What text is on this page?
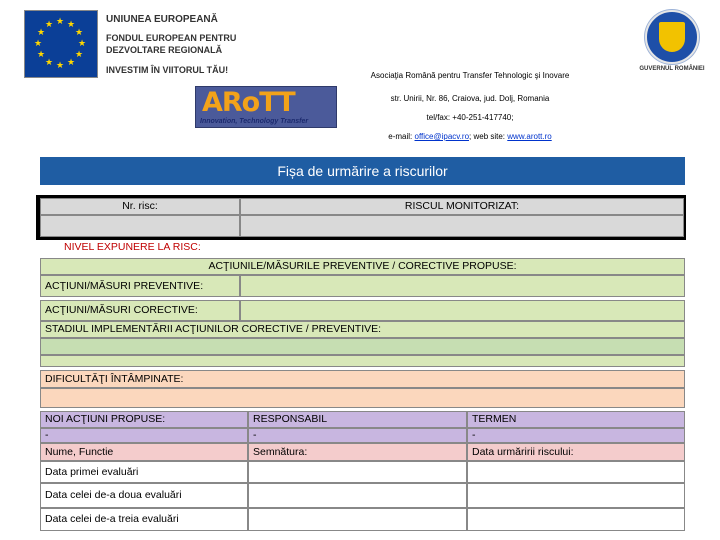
★ ★
★
★
★
★
★
★
★
★
★
★	UNIUNEA EUROPEANĂ
FONDUL EUROPEAN PENTRU
DEZVOLTARE REGIONALĂ
INVESTIM ÎN VIITORUL TĂU!	GUVERNUL ROMÂNIEI
ARoTT
Innovation, Technology Transfer
Asociaţia Română pentru Transfer Tehnologic şi Inovare
str. Unirii, Nr. 86, Craiova, jud. Dolj, Romania
tel/fax: +40-251-417740;
e-mail: office@ipacv.ro; web site: www.arott.ro
Fișa de urmărire a riscurilor
Nr. risc:	RISCUL MONITORIZAT:
NIVEL EXPUNERE LA RISC:
ACŢIUNILE/MĂSURILE PREVENTIVE / CORECTIVE PROPUSE:
ACŢIUNI/MĂSURI PREVENTIVE:
ACŢIUNI/MĂSURI CORECTIVE:
STADIUL IMPLEMENTĂRII ACŢIUNILOR CORECTIVE / PREVENTIVE:
DIFICULTĂŢI ÎNTÂMPINATE:
NOI ACŢIUNI PROPUSE:	RESPONSABIL	TERMEN
-	-	-
Nume, Functie	Semnătura:	Data urmăririi riscului:
Data primei evaluări
Data celei de-a doua evaluări
Data celei de-a treia evaluări
